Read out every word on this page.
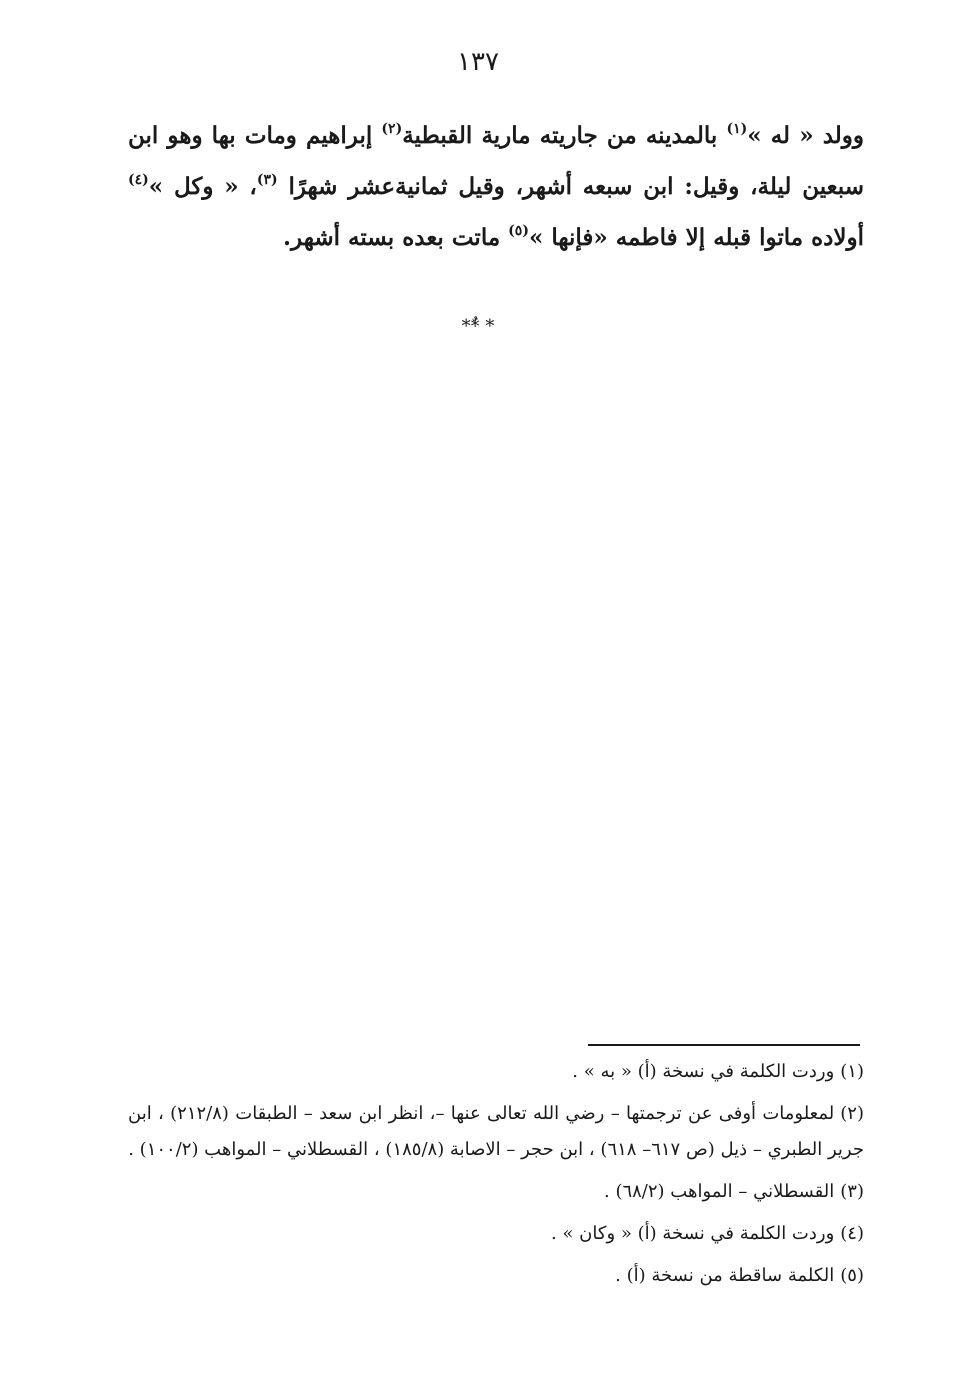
١٣٧

وولد « له »$^{(١)}$ بالمدينه من جاريته مارية القبطية$^{(٢)}$ إبراهيم ومات بها وهو ابن سبعين ليلة، وقيل: ابن سبعه أشهر، وقيل ثمانيةعشر شهرًا $^{(٣)}$، « وكل »$^{(٤)}$ أولاده ماتوا قبله إلا فاطمه «فإنها »$^{(٥)}$ ماتت بعده بسته أشهر.

* *ٌ*
(١)وردت الكلمة في نسخة (أ) « به » .
(٢)لمعلومات أوفى عن ترجمتها – رضي الله تعالى عنها –، انظر ابن سعد – الطبقات (٢١٢/٨) ، ابن جرير الطبري – ذيل (ص ٦١٧– ٦١٨) ، ابن حجر – الاصابة (١٨٥/٨) ، القسطلاني – المواهب (١٠٠/٢) .
(٣)القسطلاني – المواهب (٦٨/٢) .
(٤)وردت الكلمة في نسخة (أ) « وكان » .
(٥)الكلمة ساقطة من نسخة (أ) .
